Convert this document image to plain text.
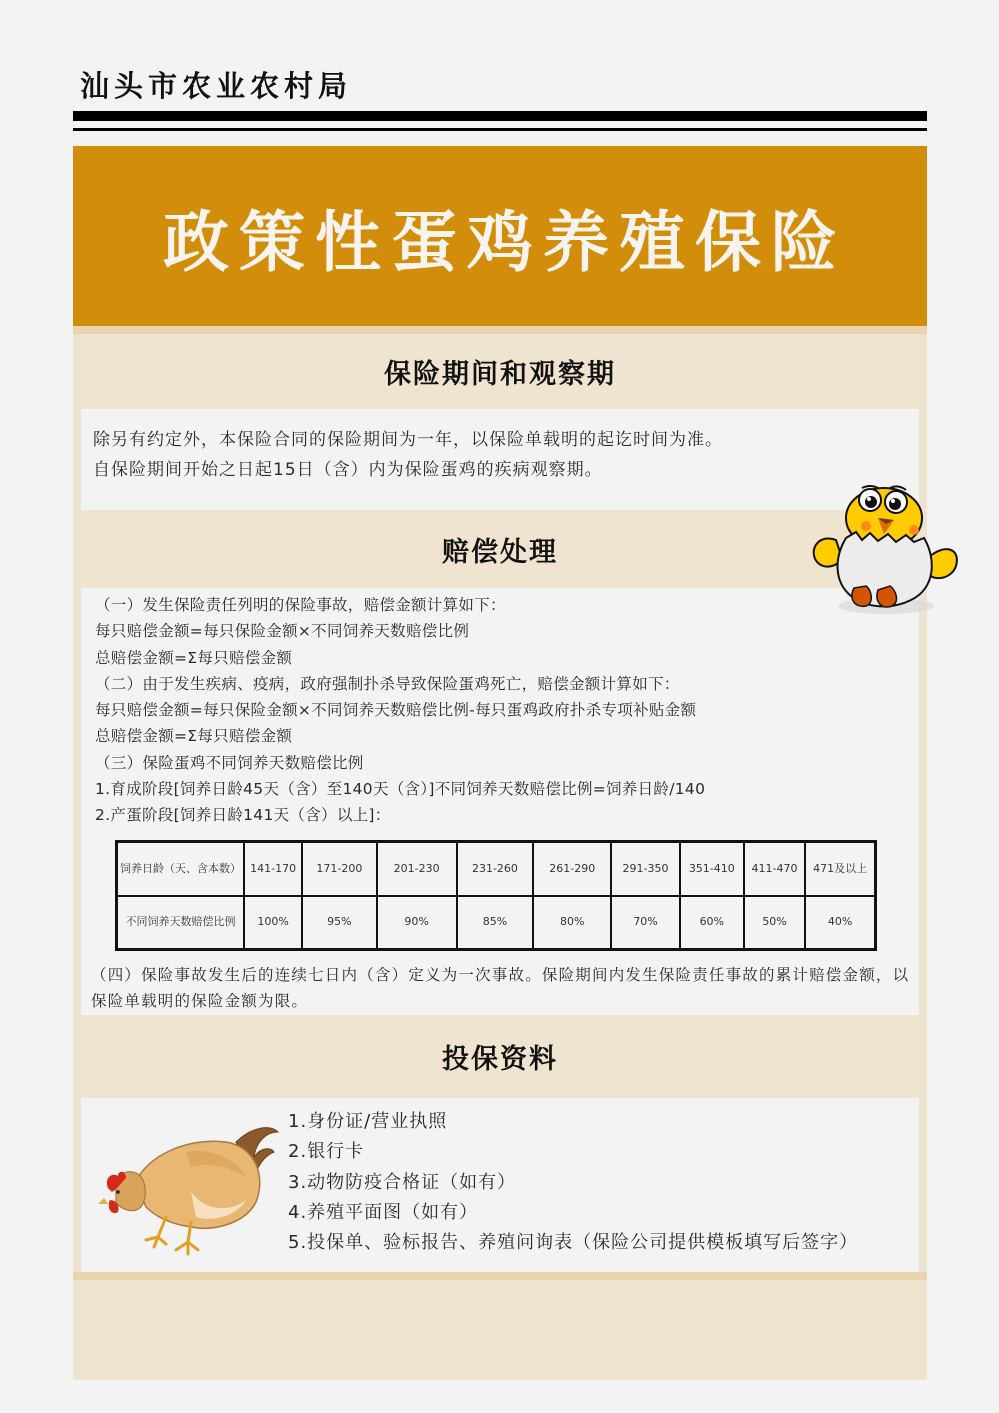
汕头市农业农村局
政策性蛋鸡养殖保险
保险期间和观察期
除另有约定外，本保险合同的保险期间为一年，以保险单载明的起讫时间为准。
自保险期间开始之日起15日（含）内为保险蛋鸡的疾病观察期。
赔偿处理
（一）发生保险责任列明的保险事故，赔偿金额计算如下：
每只赔偿金额=每只保险金额×不同饲养天数赔偿比例
总赔偿金额=Σ每只赔偿金额
（二）由于发生疾病、疫病，政府强制扑杀导致保险蛋鸡死亡，赔偿金额计算如下：
每只赔偿金额=每只保险金额×不同饲养天数赔偿比例-每只蛋鸡政府扑杀专项补贴金额
总赔偿金额=Σ每只赔偿金额
（三）保险蛋鸡不同饲养天数赔偿比例
1.育成阶段[饲养日龄45天（含）至140天（含）]不同饲养天数赔偿比例=饲养日龄/140
2.产蛋阶段[饲养日龄141天（含）以上]：
饲养日龄（天、含本数）	141-170	171-200	201-230	231-260	261-290	291-350	351-410	411-470	471及以上
不同饲养天数赔偿比例	100%	95%	90%	85%	80%	70%	60%	50%	40%
（四）保险事故发生后的连续七日内（含）定义为一次事故。保险期间内发生保险责任事故的累计赔偿金额，以保险单载明的保险金额为限。
投保资料
1.身份证/营业执照
2.银行卡
3.动物防疫合格证（如有）
4.养殖平面图（如有）
5.投保单、验标报告、养殖问询表（保险公司提供模板填写后签字）
